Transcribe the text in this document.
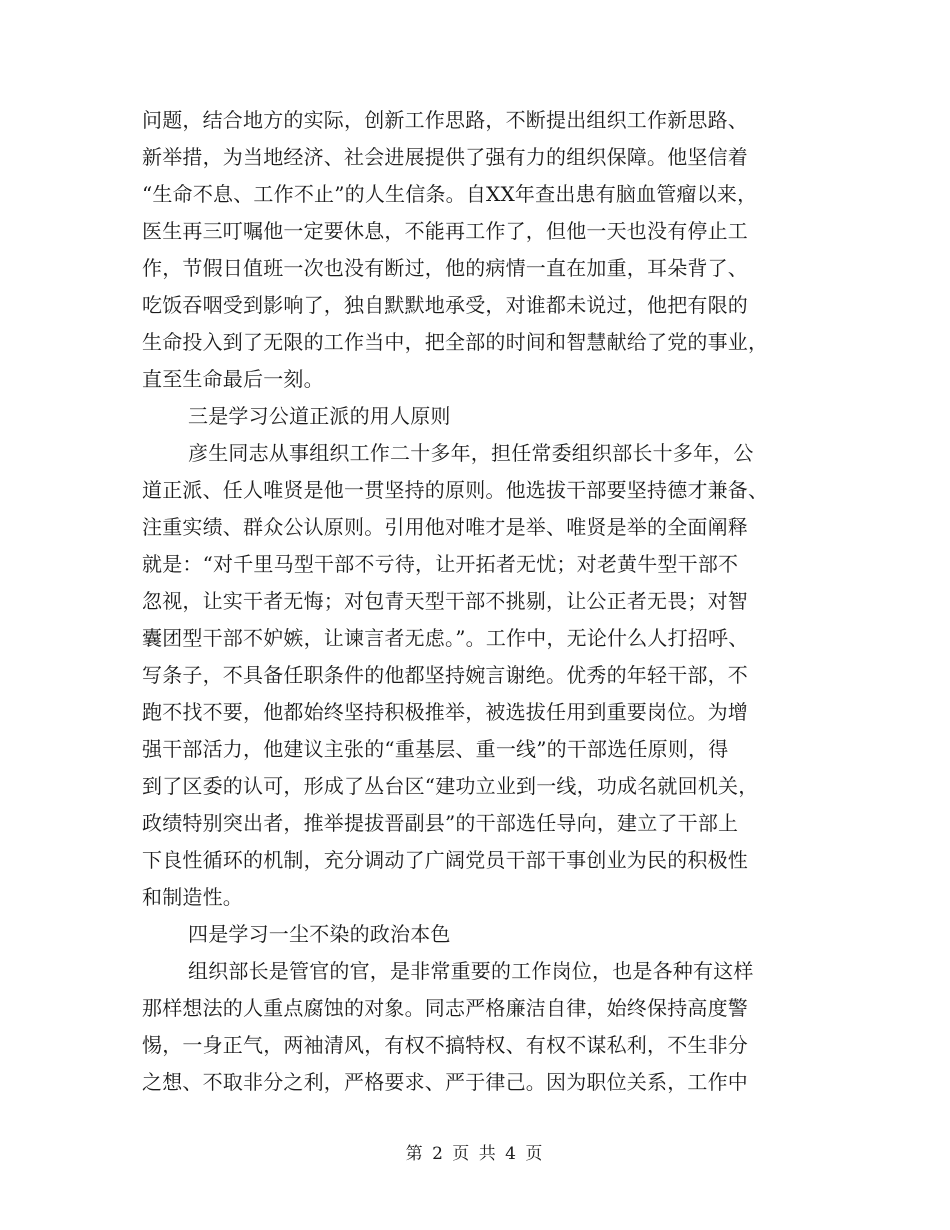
问题，结合地方的实际，创新工作思路，不断提出组织工作新思路、
新举措，为当地经济、社会进展提供了强有力的组织保障。他坚信着
“生命不息、工作不止”的人生信条。自XX年查出患有脑血管瘤以来，
医生再三叮嘱他一定要休息，不能再工作了，但他一天也没有停止工
作，节假日值班一次也没有断过，他的病情一直在加重，耳朵背了、
吃饭吞咽受到影响了，独自默默地承受，对谁都未说过，他把有限的
生命投入到了无限的工作当中，把全部的时间和智慧献给了党的事业，
直至生命最后一刻。
三是学习公道正派的用人原则
彦生同志从事组织工作二十多年，担任常委组织部长十多年，公
道正派、任人唯贤是他一贯坚持的原则。他选拔干部要坚持德才兼备、
注重实绩、群众公认原则。引用他对唯才是举、唯贤是举的全面阐释
就是：“对千里马型干部不亏待，让开拓者无忧；对老黄牛型干部不
忽视，让实干者无悔；对包青天型干部不挑剔，让公正者无畏；对智
囊团型干部不妒嫉，让谏言者无虑。”。工作中，无论什么人打招呼、
写条子，不具备任职条件的他都坚持婉言谢绝。优秀的年轻干部，不
跑不找不要，他都始终坚持积极推举，被选拔任用到重要岗位。为增
强干部活力，他建议主张的“重基层、重一线”的干部选任原则，得
到了区委的认可，形成了丛台区“建功立业到一线，功成名就回机关，
政绩特别突出者，推举提拔晋副县”的干部选任导向，建立了干部上
下良性循环的机制，充分调动了广阔党员干部干事创业为民的积极性
和制造性。
四是学习一尘不染的政治本色
组织部长是管官的官，是非常重要的工作岗位，也是各种有这样
那样想法的人重点腐蚀的对象。同志严格廉洁自律，始终保持高度警
惕，一身正气，两袖清风，有权不搞特权、有权不谋私利，不生非分
之想、不取非分之利，严格要求、严于律己。因为职位关系，工作中
第 2 页 共 4 页
